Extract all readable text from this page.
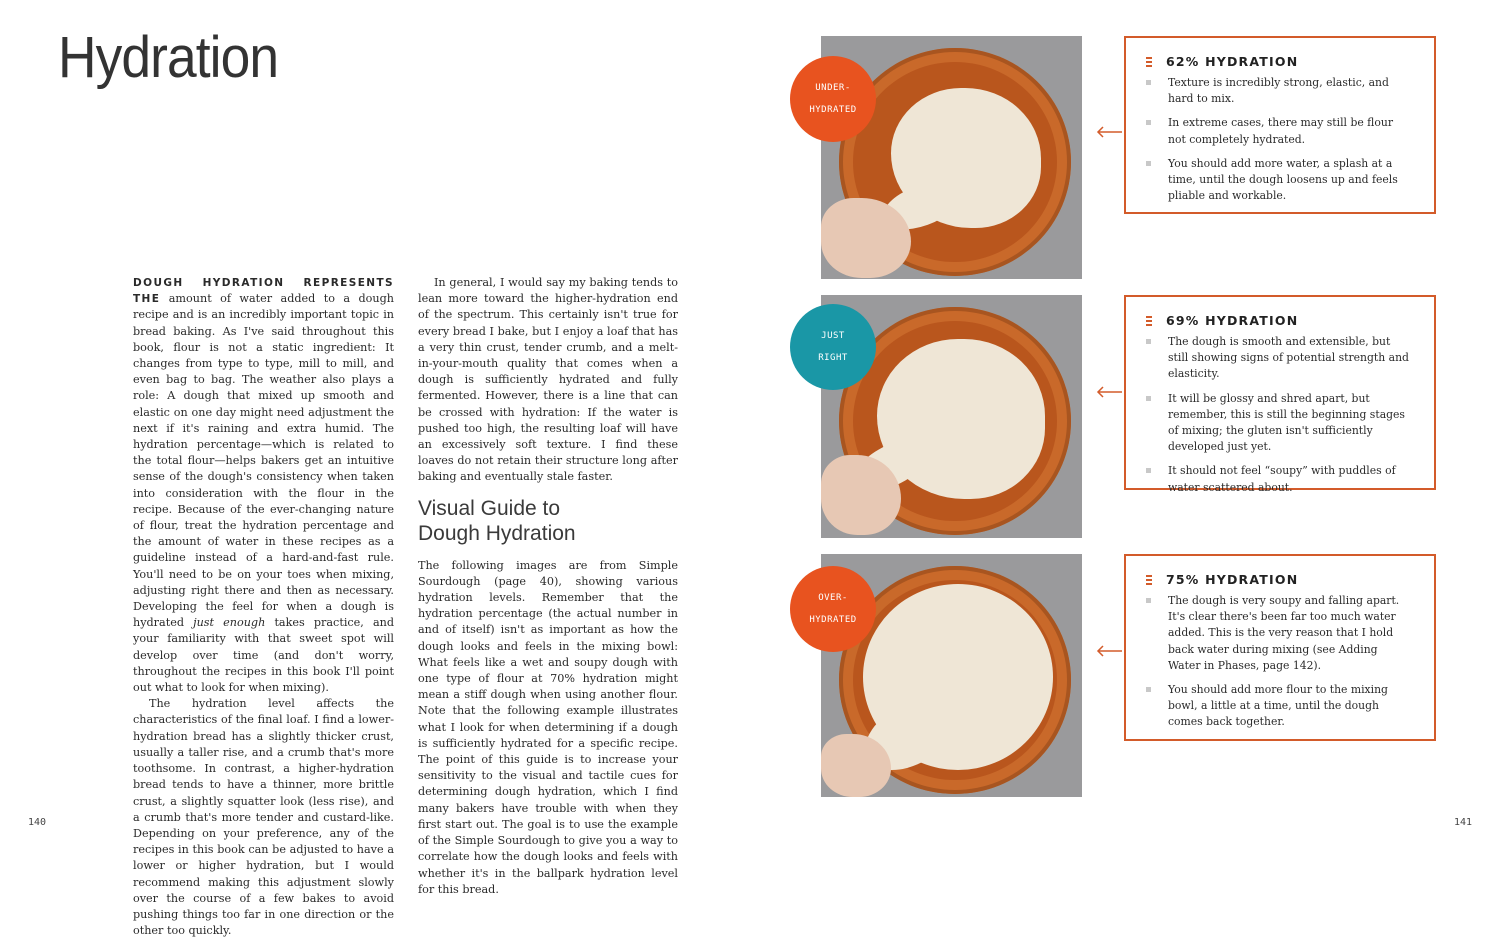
Hydration

DOUGH HYDRATION REPRESENTS THE amount of water added to a dough recipe and is an incredibly important topic in bread baking. As I've said throughout this book, flour is not a static ingredient: It changes from type to type, mill to mill, and even bag to bag. The weather also plays a role: A dough that mixed up smooth and elastic on one day might need adjustment the next if it's raining and extra humid. The hydration percentage—which is related to the total flour—helps bakers get an intuitive sense of the dough's consistency when taken into consideration with the flour in the recipe. Because of the ever-changing nature of flour, treat the hydration percentage and the amount of water in these recipes as a guideline instead of a hard-and-fast rule. You'll need to be on your toes when mixing, adjusting right there and then as necessary. Developing the feel for when a dough is hydrated just enough takes practice, and your familiarity with that sweet spot will develop over time (and don't worry, throughout the recipes in this book I'll point out what to look for when mixing).

The hydration level affects the characteristics of the final loaf. I find a lower-hydration bread has a slightly thicker crust, usually a taller rise, and a crumb that's more toothsome. In contrast, a higher-hydration bread tends to have a thinner, more brittle crust, a slightly squatter look (less rise), and a crumb that's more tender and custard-like. Depending on your preference, any of the recipes in this book can be adjusted to have a lower or higher hydration, but I would recommend making this adjustment slowly over the course of a few bakes to avoid pushing things too far in one direction or the other too quickly.

In general, I would say my baking tends to lean more toward the higher-hydration end of the spectrum. This certainly isn't true for every bread I bake, but I enjoy a loaf that has a very thin crust, tender crumb, and a melt-in-your-mouth quality that comes when a dough is sufficiently hydrated and fully fermented. However, there is a line that can be crossed with hydration: If the water is pushed too high, the resulting loaf will have an excessively soft texture. I find these loaves do not retain their structure long after baking and eventually stale faster.

Visual Guide to
Dough Hydration

The following images are from Simple Sourdough (page 40), showing various hydration levels. Remember that the hydration percentage (the actual number in and of itself) isn't as important as how the dough looks and feels in the mixing bowl: What feels like a wet and soupy dough with one type of flour at 70% hydration might mean a stiff dough when using another flour. Note that the following example illustrates what I look for when determining if a dough is sufficiently hydrated for a specific recipe. The point of this guide is to increase your sensitivity to the visual and tactile cues for determining dough hydration, which I find many bakers have trouble with when they first start out. The goal is to use the example of the Simple Sourdough to give you a way to correlate how the dough looks and feels with whether it's in the ballpark hydration level for this bread.

140	141
UNDER-

HYDRATED
62% HYDRATION
Texture is incredibly strong, elastic, and hard to mix.
In extreme cases, there may still be flour not completely hydrated.
You should add more water, a splash at a time, until the dough loosens up and feels pliable and workable.
JUST

RIGHT
69% HYDRATION
The dough is smooth and extensible, but still showing signs of potential strength and elasticity.
It will be glossy and shred apart, but remember, this is still the beginning stages of mixing; the gluten isn't sufficiently developed just yet.
It should not feel “soupy” with puddles of water scattered about.
OVER-

HYDRATED
75% HYDRATION
The dough is very soupy and falling apart. It's clear there's been far too much water added. This is the very reason that I hold back water during mixing (see Adding Water in Phases, page 142).
You should add more flour to the mixing bowl, a little at a time, until the dough comes back together.
